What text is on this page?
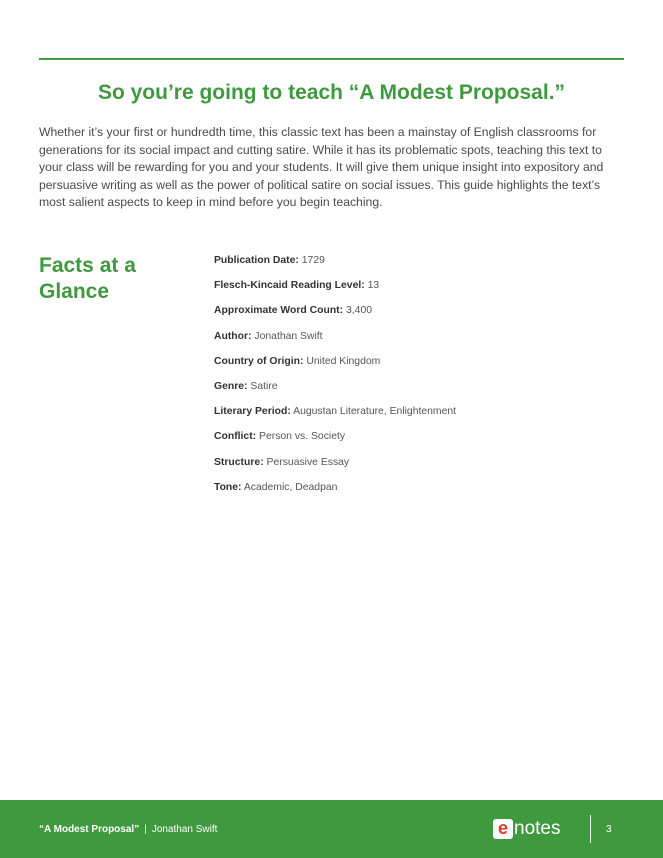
So you’re going to teach “A Modest Proposal.”

Whether it’s your first or hundredth time, this classic text has been a mainstay of English classrooms for generations for its social impact and cutting satire. While it has its problematic spots, teaching this text to your class will be rewarding for you and your students. It will give them unique insight into expository and persuasive writing as well as the power of political satire on social issues. This guide highlights the text’s most salient aspects to keep in mind before you begin teaching.

Facts at a Glance
Publication Date: 1729
Flesch-Kincaid Reading Level: 13
Approximate Word Count: 3,400
Author: Jonathan Swift
Country of Origin: United Kingdom
Genre: Satire
Literary Period: Augustan Literature, Enlightenment
Conflict: Person vs. Society
Structure: Persuasive Essay
Tone: Academic, Deadpan
“A Modest Proposal” | Jonathan Swift	e notes	3
